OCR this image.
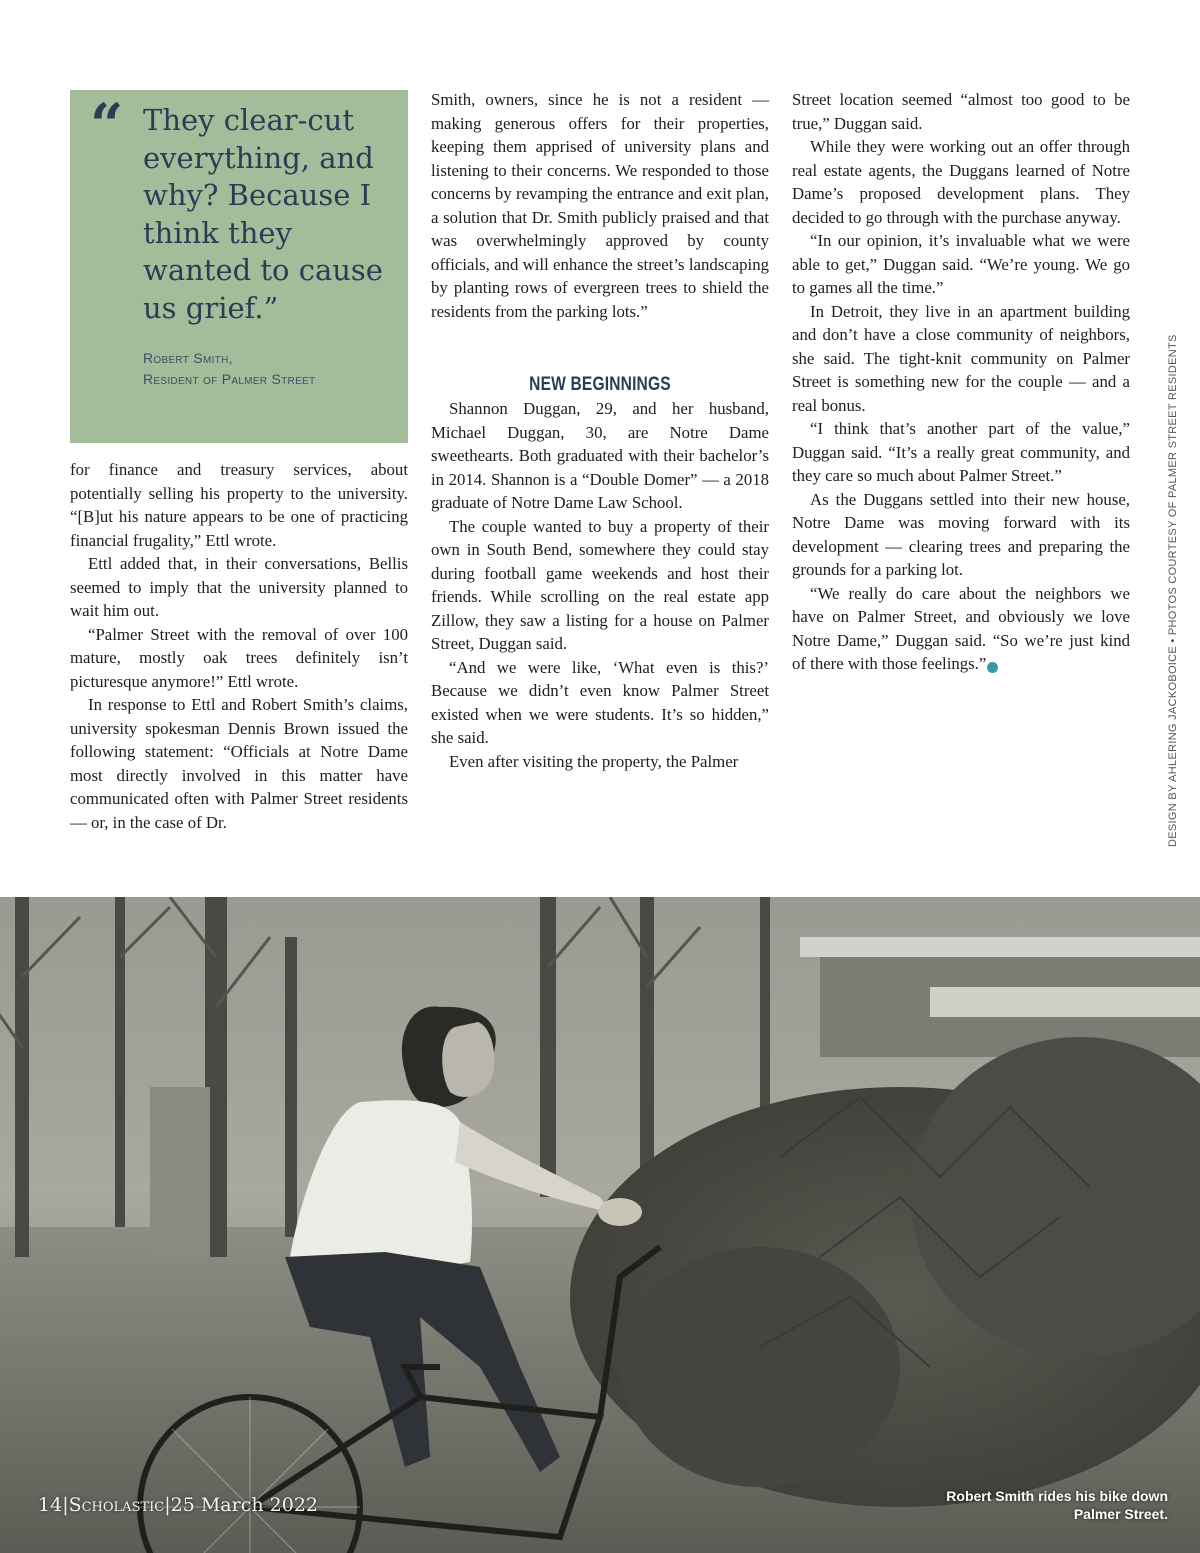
“ They clear-cut everything, and why? Because I think they wanted to cause us grief.”

Robert Smith,
Resident of Palmer Street

for finance and treasury services, about potentially selling his property to the university. “[B]ut his nature appears to be one of practicing financial frugality,” Ettl wrote.

Ettl added that, in their conversations, Bellis seemed to imply that the university planned to wait him out.

“Palmer Street with the removal of over 100 mature, mostly oak trees definitely isn’t picturesque anymore!” Ettl wrote.

In response to Ettl and Robert Smith’s claims, university spokesman Dennis Brown issued the following statement: “Officials at Notre Dame most directly involved in this matter have communicated often with Palmer Street residents — or, in the case of Dr.

Smith, owners, since he is not a resident — making generous offers for their properties, keeping them apprised of university plans and listening to their concerns. We responded to those concerns by revamping the entrance and exit plan, a solution that Dr. Smith publicly praised and that was overwhelmingly approved by county officials, and will enhance the street’s landscaping by planting rows of evergreen trees to shield the residents from the parking lots.”

NEW BEGINNINGS

Shannon Duggan, 29, and her husband, Michael Duggan, 30, are Notre Dame sweethearts. Both graduated with their bachelor’s in 2014. Shannon is a “Double Domer” — a 2018 graduate of Notre Dame Law School.

The couple wanted to buy a property of their own in South Bend, somewhere they could stay during football game weekends and host their friends. While scrolling on the real estate app Zillow, they saw a listing for a house on Palmer Street, Duggan said.

“And we were like, ‘What even is this?’ Because we didn’t even know Palmer Street existed when we were students. It’s so hidden,” she said.

Even after visiting the property, the Palmer

Street location seemed “almost too good to be true,” Duggan said.

While they were working out an offer through real estate agents, the Duggans learned of Notre Dame’s proposed development plans. They decided to go through with the purchase anyway.

“In our opinion, it’s invaluable what we were able to get,” Duggan said. “We’re young. We go to games all the time.”

In Detroit, they live in an apartment building and don’t have a close community of neighbors, she said. The tight-knit community on Palmer Street is something new for the couple — and a real bonus.

“I think that’s another part of the value,” Duggan said. “It’s a really great community, and they care so much about Palmer Street.”

As the Duggans settled into their new house, Notre Dame was moving forward with its development — clearing trees and preparing the grounds for a parking lot.

“We really do care about the neighbors we have on Palmer Street, and obviously we love Notre Dame,” Duggan said. “So we’re just kind of there with those feelings.” S	DESIGN BY AHLERING JACKOBOICE • PHOTOS COURTESY OF PALMER STREET RESIDENTS
14|Scholastic|25 March 2022	Robert Smith rides his bike down
Palmer Street.
